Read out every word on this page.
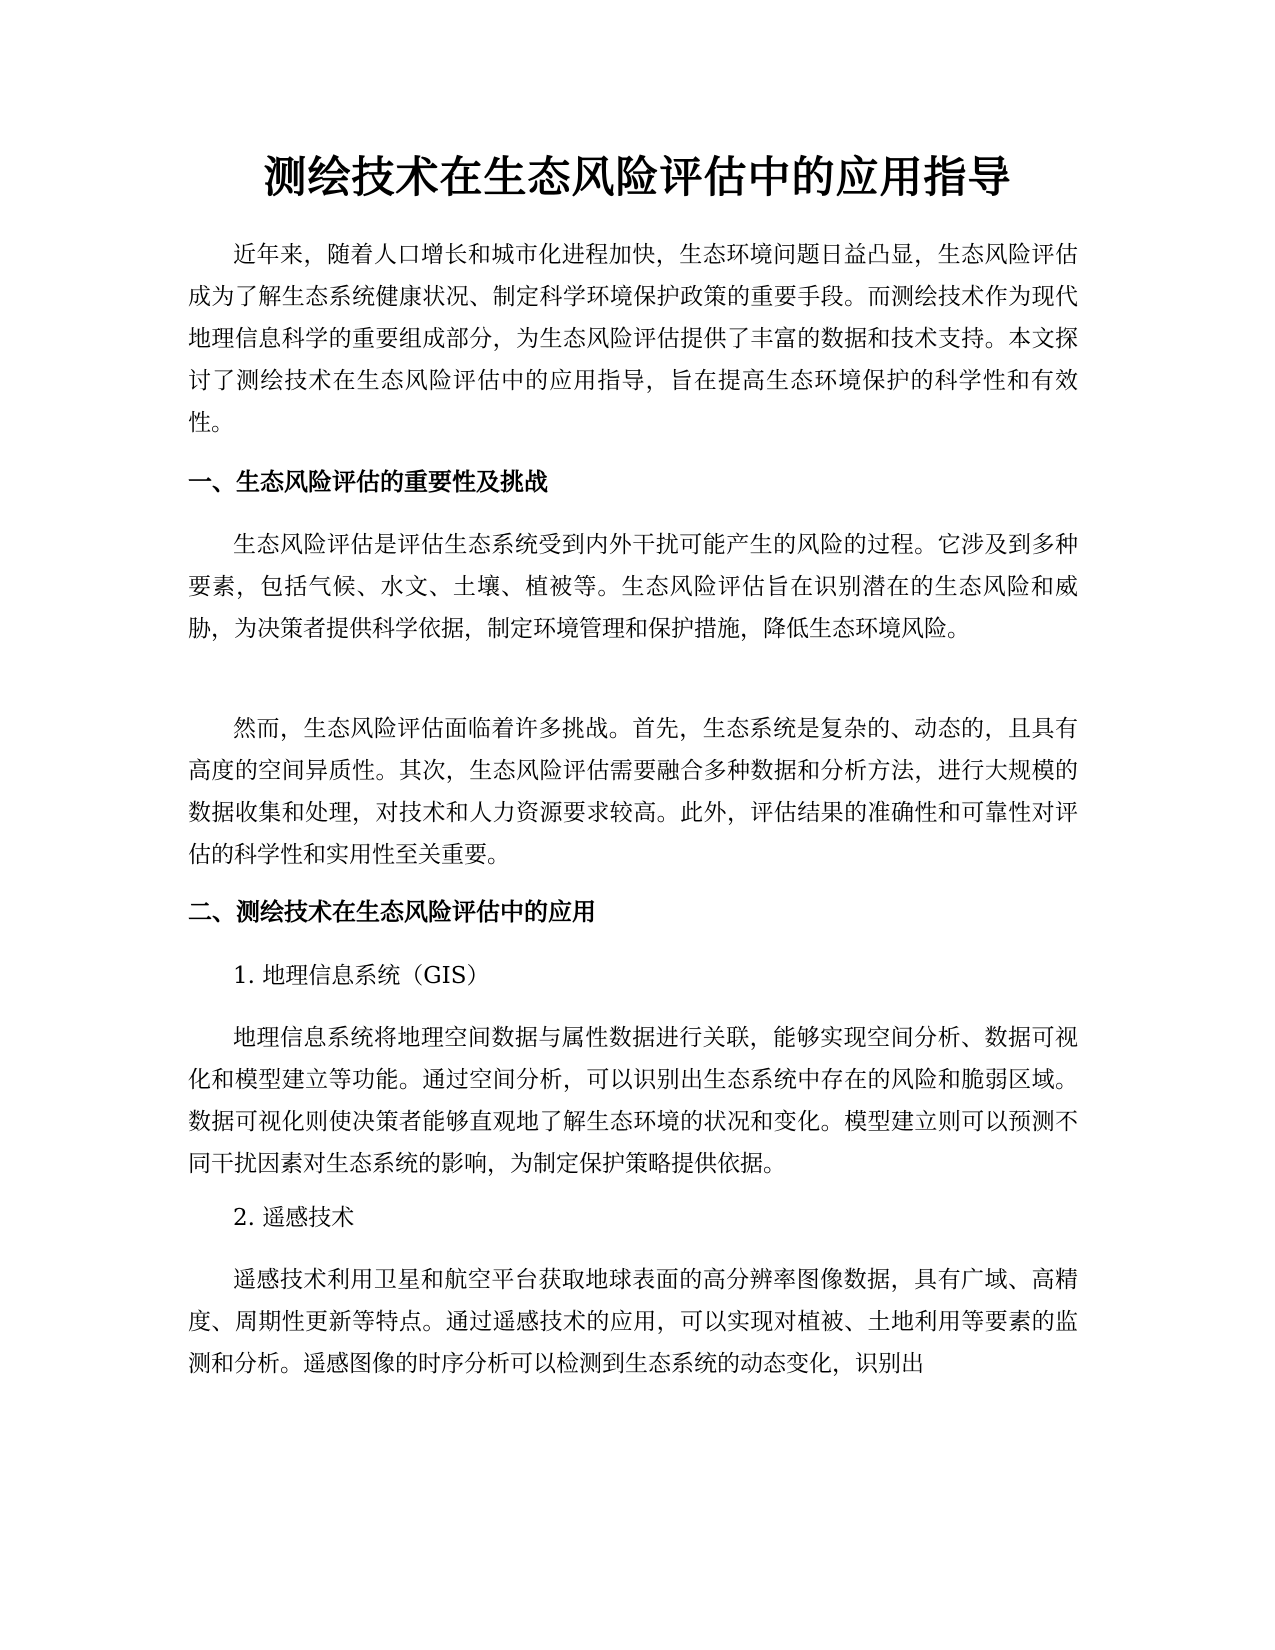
测绘技术在生态风险评估中的应用指导

近年来，随着人口增长和城市化进程加快，生态环境问题日益凸显，生态风险评估成为了解生态系统健康状况、制定科学环境保护政策的重要手段。而测绘技术作为现代地理信息科学的重要组成部分，为生态风险评估提供了丰富的数据和技术支持。本文探讨了测绘技术在生态风险评估中的应用指导，旨在提高生态环境保护的科学性和有效性。

一、生态风险评估的重要性及挑战

生态风险评估是评估生态系统受到内外干扰可能产生的风险的过程。它涉及到多种要素，包括气候、水文、土壤、植被等。生态风险评估旨在识别潜在的生态风险和威胁，为决策者提供科学依据，制定环境管理和保护措施，降低生态环境风险。

然而，生态风险评估面临着许多挑战。首先，生态系统是复杂的、动态的，且具有高度的空间异质性。其次，生态风险评估需要融合多种数据和分析方法，进行大规模的数据收集和处理，对技术和人力资源要求较高。此外，评估结果的准确性和可靠性对评估的科学性和实用性至关重要。

二、测绘技术在生态风险评估中的应用

1. 地理信息系统（GIS）

地理信息系统将地理空间数据与属性数据进行关联，能够实现空间分析、数据可视化和模型建立等功能。通过空间分析，可以识别出生态系统中存在的风险和脆弱区域。数据可视化则使决策者能够直观地了解生态环境的状况和变化。模型建立则可以预测不同干扰因素对生态系统的影响，为制定保护策略提供依据。

2. 遥感技术

遥感技术利用卫星和航空平台获取地球表面的高分辨率图像数据，具有广域、高精度、周期性更新等特点。通过遥感技术的应用，可以实现对植被、土地利用等要素的监测和分析。遥感图像的时序分析可以检测到生态系统的动态变化，识别出
